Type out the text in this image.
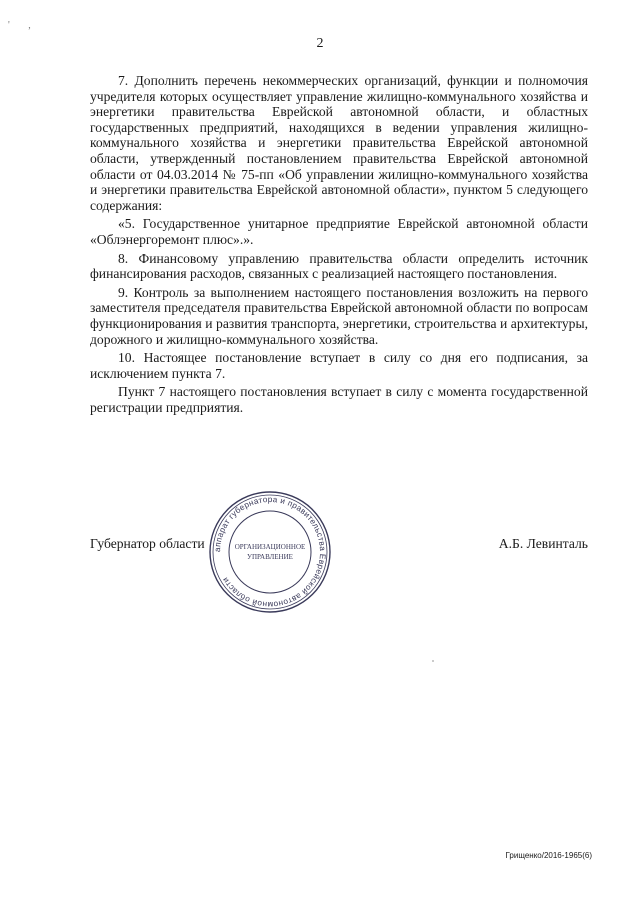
' ,
2

7. Дополнить перечень некоммерческих организаций, функции и полномочия учредителя которых осуществляет управление жилищно-коммунального хозяйства и энергетики правительства Еврейской автономной области, и областных государственных предприятий, находящихся в ведении управления жилищно-коммунального хозяйства и энергетики правительства Еврейской автономной области, утвержденный постановлением правительства Еврейской автономной области от 04.03.2014 № 75-пп «Об управлении жилищно-коммунального хозяйства и энергетики правительства Еврейской автономной области», пунктом 5 следующего содержания:

«5. Государственное унитарное предприятие Еврейской автономной области «Облэнергоремонт плюс».».

8. Финансовому управлению правительства области определить источник финансирования расходов, связанных с реализацией настоящего постановления.

9. Контроль за выполнением настоящего постановления возложить на первого заместителя председателя правительства Еврейской автономной области по вопросам функционирования и развития транспорта, энергетики, строительства и архитектуры, дорожного и жилищно-коммунального хозяйства.

10. Настоящее постановление вступает в силу со дня его подписания, за исключением пункта 7.

Пункт 7 настоящего постановления вступает в силу с момента государственной регистрации предприятия.

Губернатор области	А.Б. Левинталь
аппарат губернатора и правительства Еврейской автономной области
ОРГАНИЗАЦИОННОЕ
УПРАВЛЕНИЕ
Грищенко/2016-1965(6)
